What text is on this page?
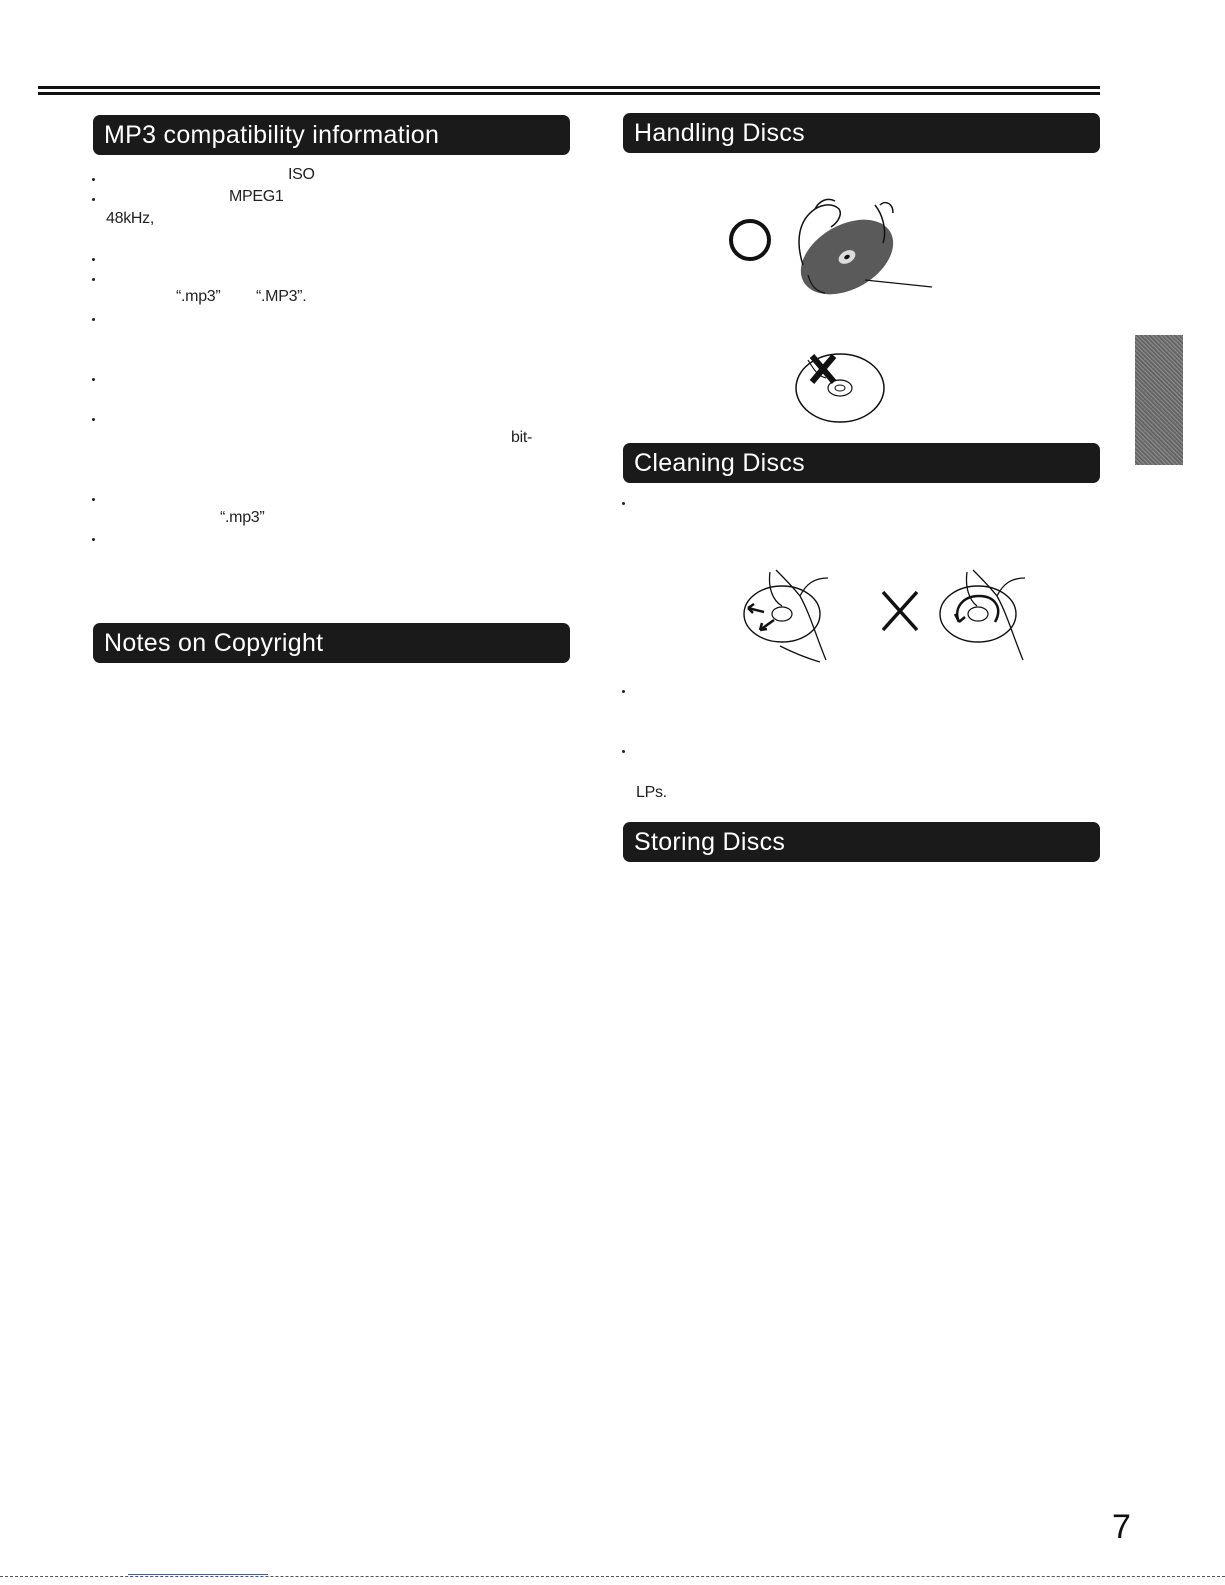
MP3 compatibility information
Notes on Copyright
Handling Discs
Cleaning Discs
Storing Discs
ISO
MPEG1
48kHz,
“.mp3” “.MP3”.
bit-
“.mp3”
LPs.
7
